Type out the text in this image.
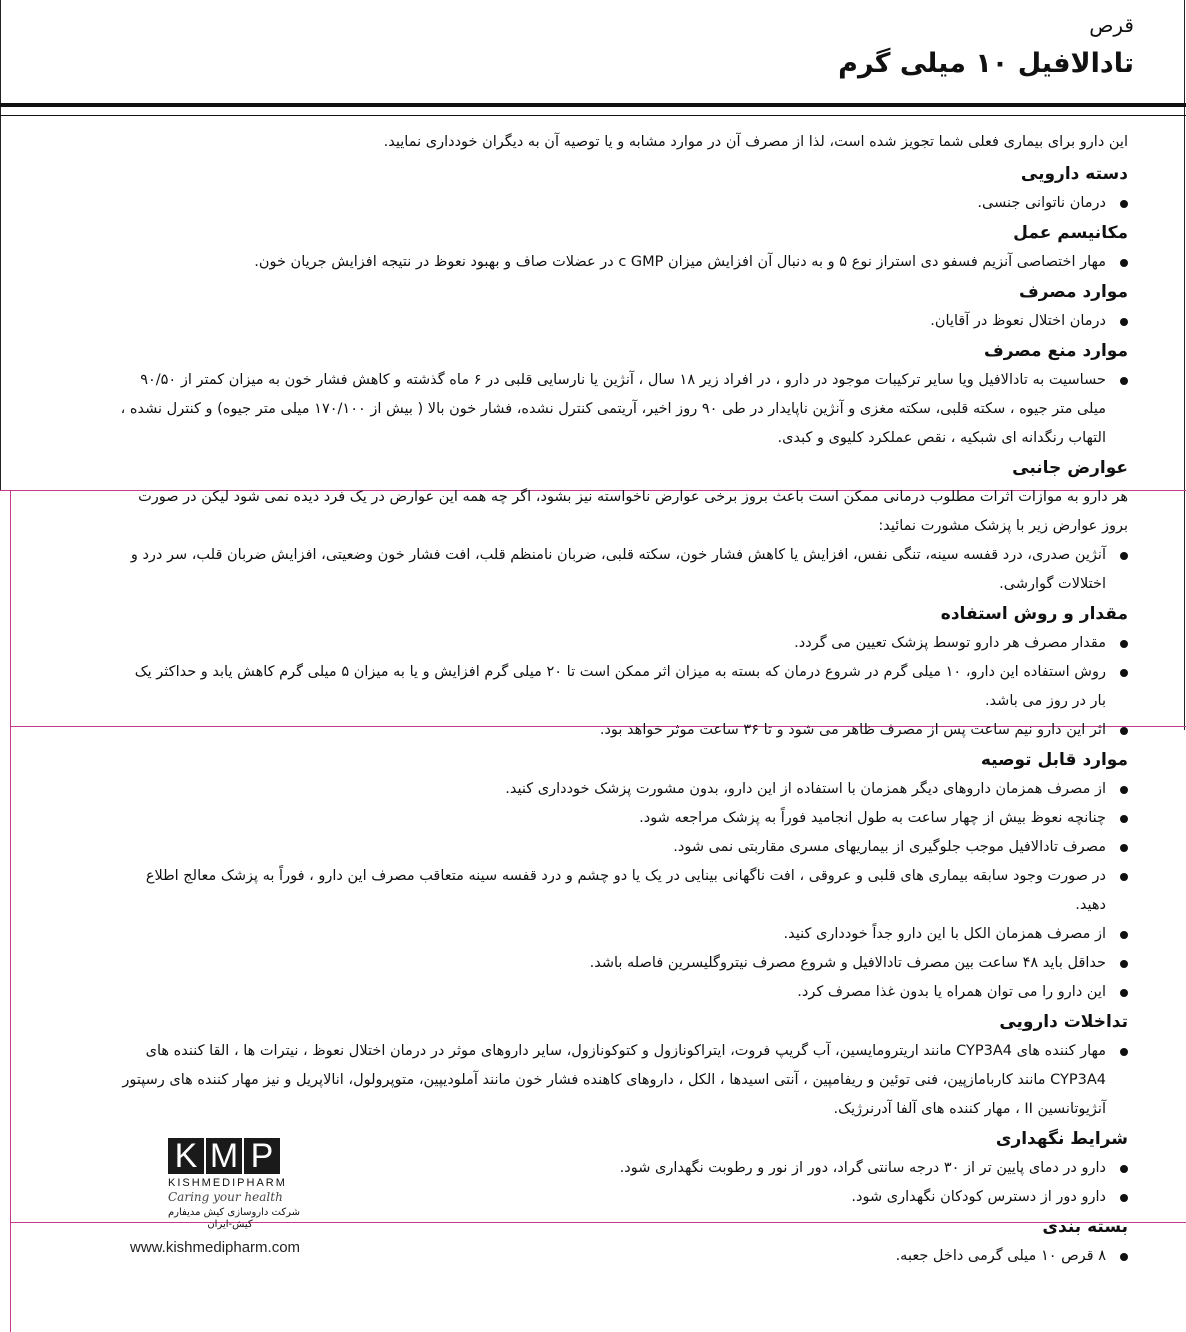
قرص
تادالافیل ۱۰ میلی گرم

این دارو برای بیماری فعلی شما تجویز شده است، لذا از مصرف آن در موارد مشابه و یا توصیه آن به دیگران خودداری نمایید.

دسته دارویی

درمان ناتوانی جنسی.

مکانیسم عمل

مهار اختصاصی آنزیم فسفو دی استراز نوع ۵ و به دنبال آن افزایش میزان c GMP در عضلات صاف و بهبود نعوظ در نتیجه افزایش جریان خون.

موارد مصرف

درمان اختلال نعوظ در آقایان.

موارد منع مصرف

حساسیت به تادالافیل ویا سایر ترکیبات موجود در دارو ، در افراد زیر ۱۸ سال ، آنژین یا نارسایی قلبی در ۶ ماه گذشته و کاهش فشار خون به میزان کمتر از ۹۰/۵۰ میلی متر جیوه ، سکته قلبی، سکته مغزی و آنژین ناپایدار در طی ۹۰ روز اخیر، آریتمی کنترل نشده، فشار خون بالا ( بیش از ۱۷۰/۱۰۰ میلی متر جیوه) و کنترل نشده ، التهاب رنگدانه ای شبکیه ، نقص عملکرد کلیوی و کبدی.

عوارض جانبی

هر دارو به موازات اثرات مطلوب درمانی ممکن است باعث بروز برخی عوارض ناخواسته نیز بشود، اگر چه همه این عوارض در یک فرد دیده نمی شود لیکن در صورت بروز عوارض زیر با پزشک مشورت نمائید:

آنژین صدری، درد قفسه سینه، تنگی نفس، افزایش یا کاهش فشار خون، سکته قلبی، ضربان نامنظم قلب، افت فشار خون وضعیتی، افزایش ضربان قلب، سر درد و اختلالات گوارشی.

مقدار و روش استفاده

مقدار مصرف هر دارو توسط پزشک تعیین می گردد.

روش استفاده این دارو، ۱۰ میلی گرم در شروع درمان که بسته به میزان اثر ممکن است تا ۲۰ میلی گرم افزایش و یا به میزان ۵ میلی گرم کاهش یابد و حداکثر یک بار در روز می باشد.

اثر این دارو نیم ساعت پس از مصرف ظاهر می شود و تا ۳۶ ساعت موثر خواهد بود.

موارد قابل توصیه

از مصرف همزمان داروهای دیگر همزمان با استفاده از این دارو، بدون مشورت پزشک خودداری کنید.

چنانچه نعوظ بیش از چهار ساعت به طول انجامید فوراً به پزشک مراجعه شود.

مصرف تادالافیل موجب جلوگیری از بیماریهای مسری مقاربتی نمی شود.

در صورت وجود سابقه بیماری های قلبی و عروقی ، افت ناگهانی بینایی در یک یا دو چشم و درد قفسه سینه متعاقب مصرف این دارو ، فوراً به پزشک معالج اطلاع دهید.

از مصرف همزمان الکل با این دارو جداً خودداری کنید.

حداقل باید ۴۸ ساعت بین مصرف تادالافیل و شروع مصرف نیتروگلیسرین فاصله باشد.

این دارو را می توان همراه یا بدون غذا مصرف کرد.

تداخلات دارویی

مهار کننده های CYP3A4 مانند اریترومایسین، آب گریپ فروت، ایتراکونازول و کتوکونازول، سایر داروهای موثر در درمان اختلال نعوظ ، نیترات ها ، القا کننده های CYP3A4 مانند کاربامازپین، فنی توئین و ریفامپین ، آنتی اسیدها ، الکل ، داروهای کاهنده فشار خون مانند آملودیپین، متوپرولول، انالاپریل و نیز مهار کننده های رسپتور آنژیوتانسین II ، مهار کننده های آلفا آدرنرژیک.

شرایط نگهداری

دارو در دمای پایین تر از ۳۰ درجه سانتی گراد، دور از نور و رطوبت نگهداری شود.

دارو دور از دسترس کودکان نگهداری شود.

بسته بندی

۸ قرص ۱۰ میلی گرمی داخل جعبه.

K M P
KISHMEDIPHARM
Caring your health
شرکت داروسازی کیش مدیفارم
کیش-ایران
www.kishmedipharm.com
